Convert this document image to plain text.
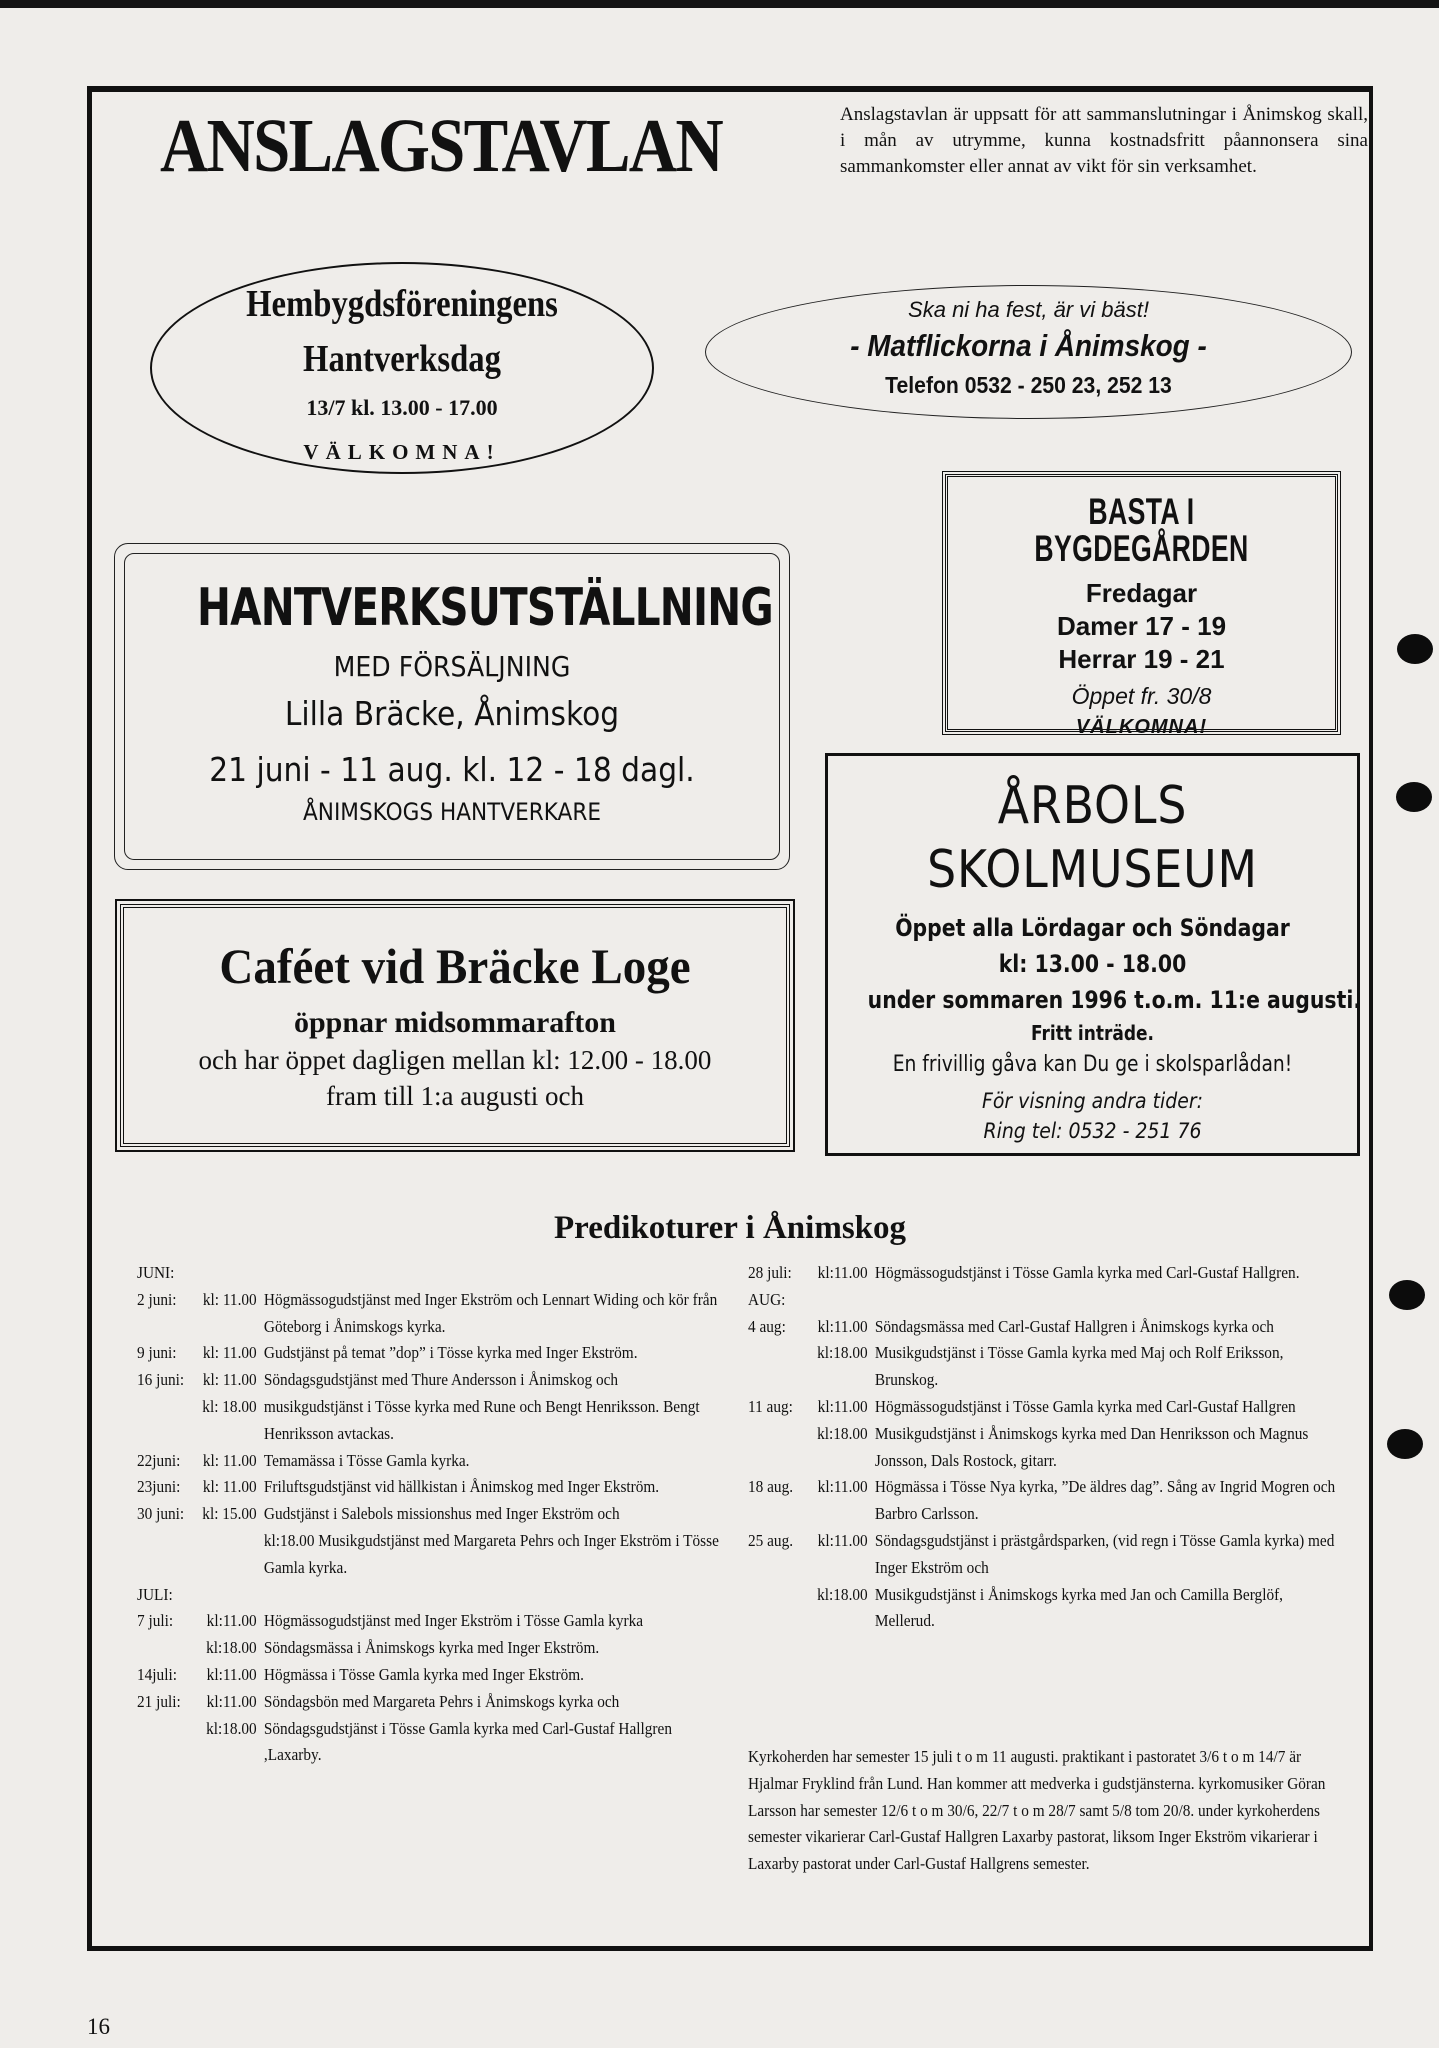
ANSLAGSTAVLAN	Anslagstavlan är uppsatt för att sammanslutningar i Ånimskog skall, i mån av utrymme, kunna kostnadsfritt påannonsera sina sammankomster eller annat av vikt för sin verksamhet.
Hembygdsföreningens
Hantverksdag
13/7 kl. 13.00 - 17.00
VÄLKOMNA!
Ska ni ha fest, är vi bäst!
- Matflickorna i Ånimskog -
Telefon 0532 - 250 23, 252 13
BASTA I BYGDEGÅRDEN
Fredagar
Damer 17 - 19
Herrar 19 - 21
Öppet fr. 30/8
VÄLKOMNA!
HANTVERKSUTSTÄLLNING
MED FÖRSÄLJNING
Lilla Bräcke, Ånimskog
21 juni - 11 aug. kl. 12 - 18 dagl.
ÅNIMSKOGS HANTVERKARE
Caféet vid Bräcke Loge
öppnar midsommarafton
och har öppet dagligen mellan kl: 12.00 - 18.00
fram till 1:a augusti och
ÅRBOLS
SKOLMUSEUM
Öppet alla Lördagar och Söndagar
kl: 13.00 - 18.00
under sommaren 1996 t.o.m. 11:e augusti.
Fritt inträde.
En frivillig gåva kan Du ge i skolsparlådan!
För visning andra tider:
Ring tel: 0532 - 251 76
Predikoturer i Ånimskog
JUNI:
2 juni:	kl: 11.00 Högmässogudstjänst med Inger Ekström och Lennart Widing och kör från Göteborg i Ånimskogs kyrka.
9 juni:	kl: 11.00 Gudstjänst på temat ”dop” i Tösse kyrka med Inger Ekström.
16 juni:	kl: 11.00 Söndagsgudstjänst med Thure Andersson i Ånimskog och
kl: 18.00 musikgudstjänst i Tösse kyrka med Rune och Bengt Henriksson. Bengt Henriksson avtackas.
22juni:	kl: 11.00 Temamässa i Tösse Gamla kyrka.
23juni:	kl: 11.00 Friluftsgudstjänst vid hällkistan i Ånimskog med Inger Ekström.
30 juni:	kl: 15.00 Gudstjänst i Salebols missionshus med Inger Ekström och
kl:18.00 Musikgudstjänst med Margareta Pehrs och Inger Ekström i Tösse Gamla kyrka.
JULI:
7 juli:	kl:11.00 Högmässogudstjänst med Inger Ekström i Tösse Gamla kyrka
kl:18.00 Söndagsmässa i Ånimskogs kyrka med Inger Ekström.
14juli:	kl:11.00 Högmässa i Tösse Gamla kyrka med Inger Ekström.
21 juli:	kl:11.00 Söndagsbön med Margareta Pehrs i Ånimskogs kyrka och
kl:18.00 Söndagsgudstjänst i Tösse Gamla kyrka med Carl-Gustaf Hallgren ,Laxarby.
28 juli:	kl:11.00 Högmässogudstjänst i Tösse Gamla kyrka med Carl-Gustaf Hallgren.
AUG:
4 aug:	kl:11.00 Söndagsmässa med Carl-Gustaf Hallgren i Ånimskogs kyrka och
kl:18.00 Musikgudstjänst i Tösse Gamla kyrka med Maj och Rolf Eriksson, Brunskog.
11 aug:	kl:11.00 Högmässogudstjänst i Tösse Gamla kyrka med Carl-Gustaf Hallgren
kl:18.00 Musikgudstjänst i Ånimskogs kyrka med Dan Henriksson och Magnus Jonsson, Dals Rostock, gitarr.
18 aug.	kl:11.00 Högmässa i Tösse Nya kyrka, ”De äldres dag”. Sång av Ingrid Mogren och Barbro Carlsson.
25 aug.	kl:11.00 Söndagsgudstjänst i prästgårdsparken, (vid regn i Tösse Gamla kyrka) med Inger Ekström och
kl:18.00 Musikgudstjänst i Ånimskogs kyrka med Jan och Camilla Berglöf, Mellerud.
Kyrkoherden har semester 15 juli t o m 11 augusti. praktikant i pastoratet 3/6 t o m 14/7 är Hjalmar Fryklind från Lund. Han kommer att medverka i gudstjänsterna. kyrkomusiker Göran Larsson har semester 12/6 t o m 30/6, 22/7 t o m 28/7 samt 5/8 tom 20/8. under kyrkoherdens semester vikarierar Carl-Gustaf Hallgren Laxarby pastorat, liksom Inger Ekström vikarierar i Laxarby pastorat under Carl-Gustaf Hallgrens semester.
16
